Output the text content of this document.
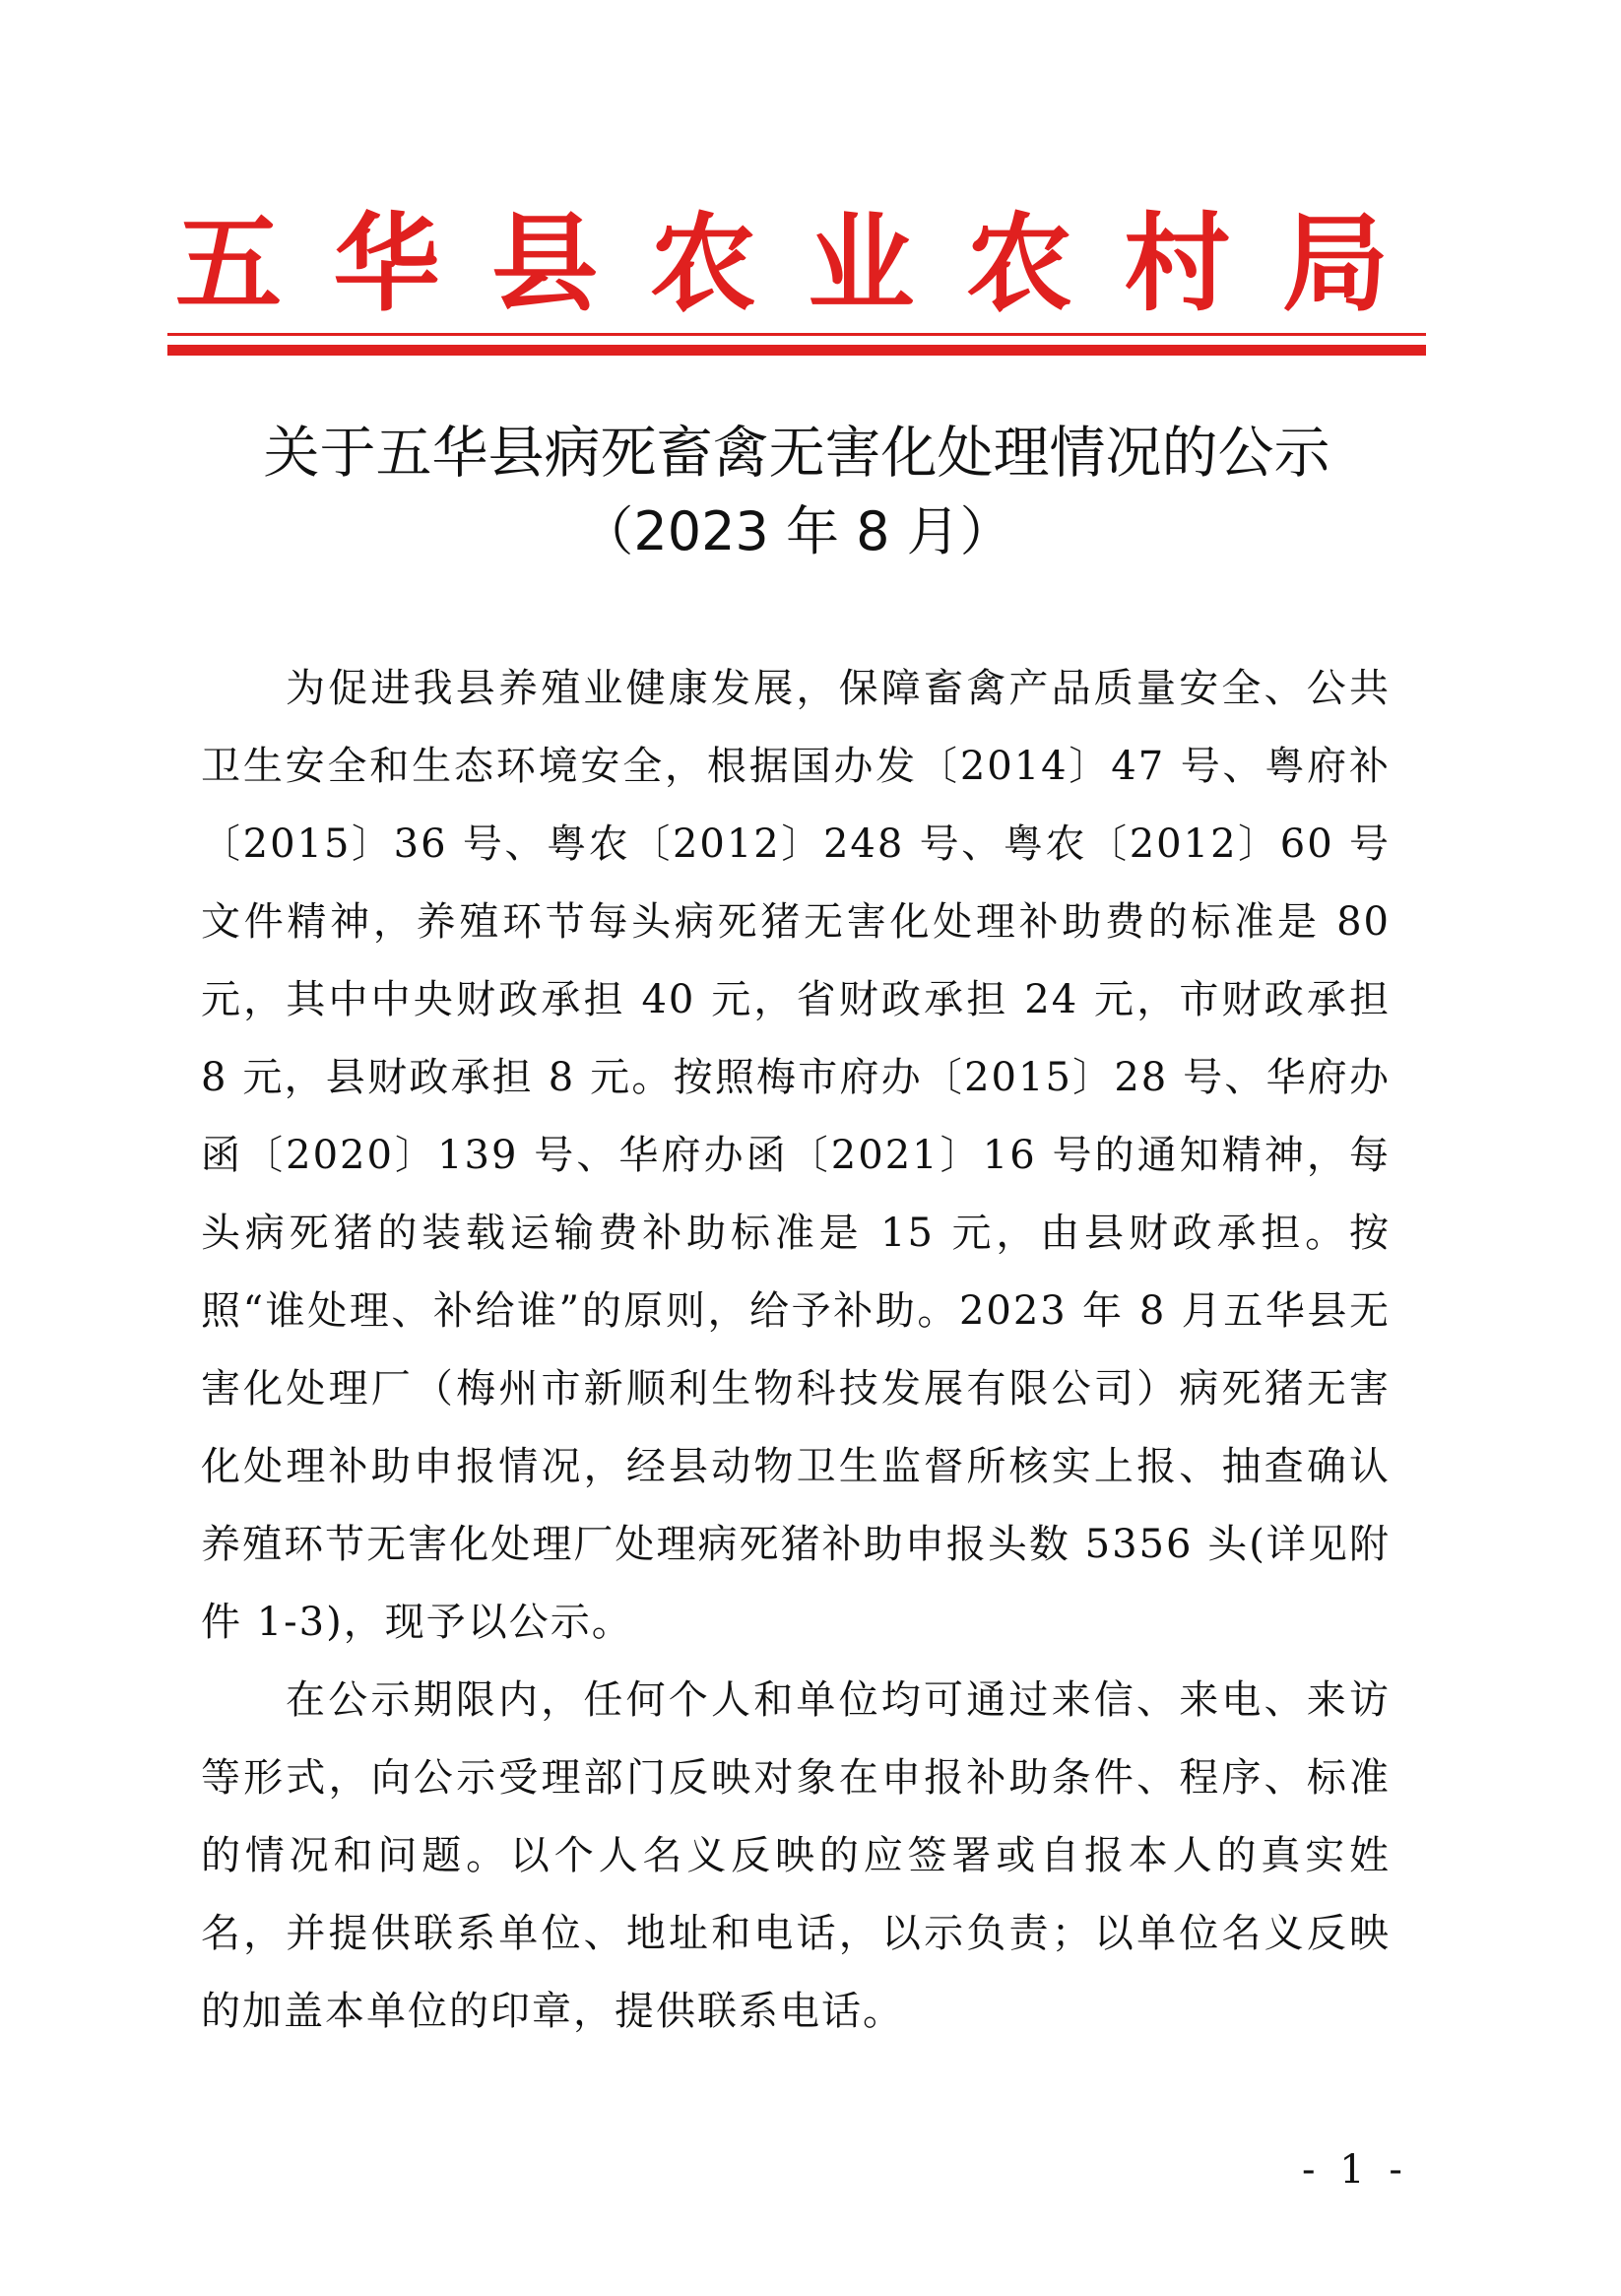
五 华 县 农 业 农 村 局
关于五华县病死畜禽无害化处理情况的公示
（2023 年 8 月）

为促进我县养殖业健康发展，保障畜禽产品质量安全、公共卫生安全和生态环境安全，根据国办发〔2014〕47 号、粤府补〔2015〕36 号、粤农〔2012〕248 号、粤农〔2012〕60 号文件精神，养殖环节每头病死猪无害化处理补助费的标准是 80 元，其中中央财政承担 40 元，省财政承担 24 元，市财政承担 8 元，县财政承担 8 元。按照梅市府办〔2015〕28 号、华府办函〔2020〕139 号、华府办函〔2021〕16 号的通知精神，每头病死猪的装载运输费补助标准是 15 元，由县财政承担。按照“谁处理、补给谁”的原则，给予补助。2023 年 8 月五华县无害化处理厂（梅州市新顺利生物科技发展有限公司）病死猪无害化处理补助申报情况，经县动物卫生监督所核实上报、抽查确认养殖环节无害化处理厂处理病死猪补助申报头数 5356 头(详见附件 1-3)，现予以公示。

在公示期限内，任何个人和单位均可通过来信、来电、来访等形式，向公示受理部门反映对象在申报补助条件、程序、标准的情况和问题。以个人名义反映的应签署或自报本人的真实姓名，并提供联系单位、地址和电话，以示负责；以单位名义反映的加盖本单位的印章，提供联系电话。

- 1 -
